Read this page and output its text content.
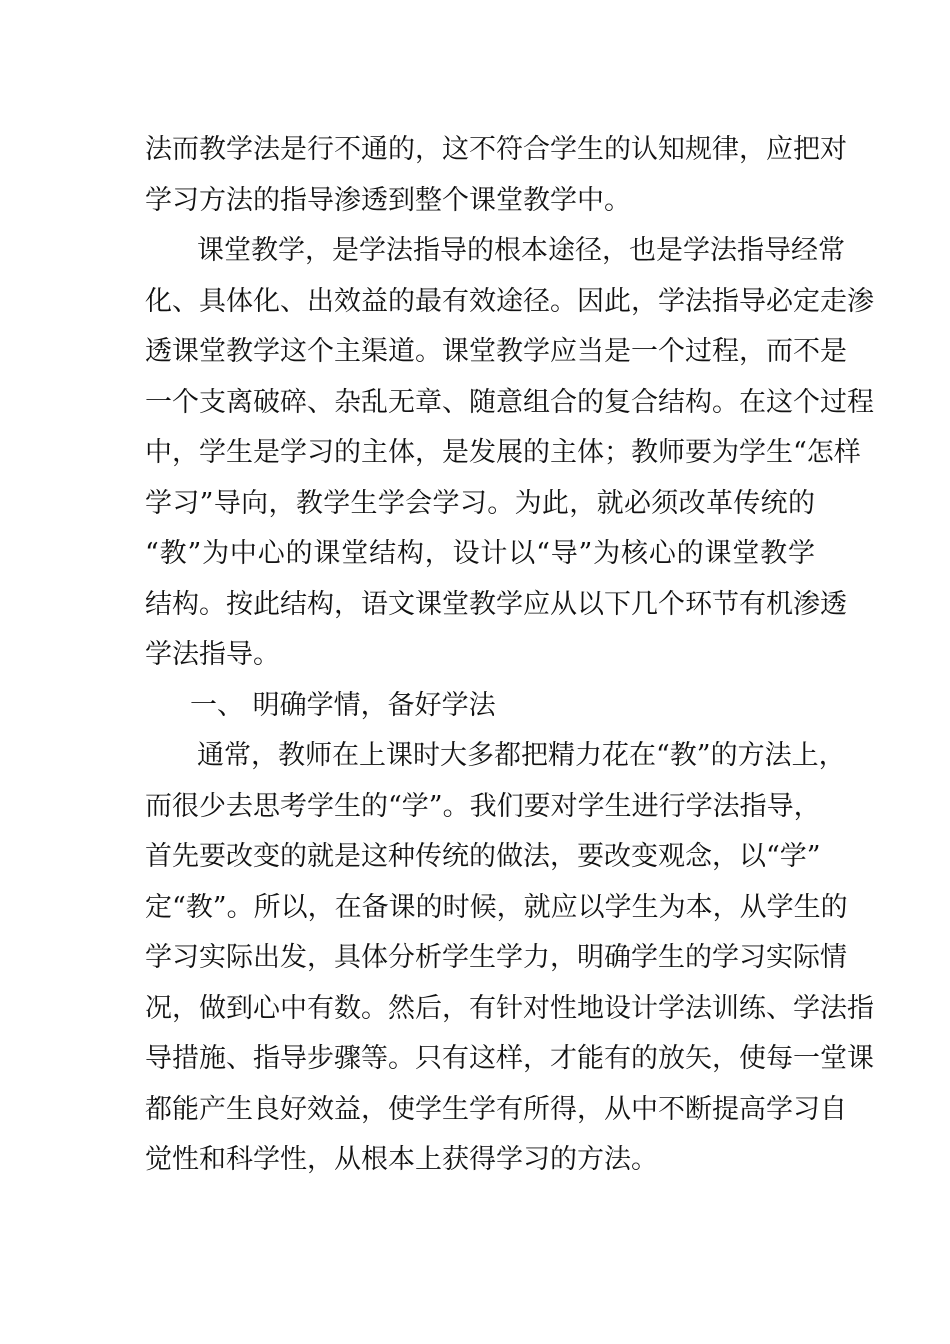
法而教学法是行不通的，这不符合学生的认知规律，应把对
学习方法的指导渗透到整个课堂教学中。
课堂教学，是学法指导的根本途径，也是学法指导经常
化、具体化、出效益的最有效途径。因此，学法指导必定走渗
透课堂教学这个主渠道。课堂教学应当是一个过程，而不是
一个支离破碎、杂乱无章、随意组合的复合结构。在这个过程
中，学生是学习的主体，是发展的主体；教师要为学生“怎样
学习”导向，教学生学会学习。为此，就必须改革传统的
“教”为中心的课堂结构，设计以“导”为核心的课堂教学
结构。按此结构，语文课堂教学应从以下几个环节有机渗透
学法指导。
一、 明确学情，备好学法
通常，教师在上课时大多都把精力花在“教”的方法上，
而很少去思考学生的“学”。我们要对学生进行学法指导，
首先要改变的就是这种传统的做法，要改变观念，以“学”
定“教”。所以，在备课的时候，就应以学生为本，从学生的
学习实际出发，具体分析学生学力，明确学生的学习实际情
况，做到心中有数。然后，有针对性地设计学法训练、学法指
导措施、指导步骤等。只有这样，才能有的放矢，使每一堂课
都能产生良好效益，使学生学有所得，从中不断提高学习自
觉性和科学性，从根本上获得学习的方法。
